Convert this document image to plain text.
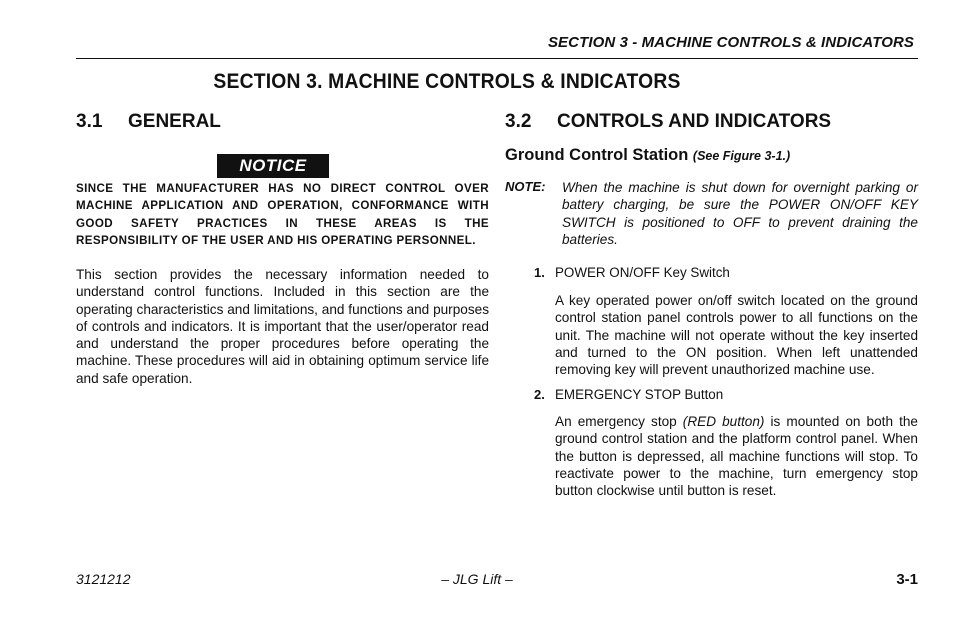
SECTION 3 - MACHINE CONTROLS & INDICATORS
SECTION 3. MACHINE CONTROLS & INDICATORS
3.1 GENERAL
NOTICE
SINCE THE MANUFACTURER HAS NO DIRECT CONTROL OVER MACHINE APPLICATION AND OPERATION, CONFORMANCE WITH GOOD SAFETY PRACTICES IN THESE AREAS IS THE RESPONSIBILITY OF THE USER AND HIS OPERATING PERSONNEL.
This section provides the necessary information needed to understand control functions. Included in this section are the operating characteristics and limitations, and functions and purposes of controls and indicators. It is important that the user/operator read and understand the proper procedures before operating the machine. These procedures will aid in obtaining optimum service life and safe operation.
3.2 CONTROLS AND INDICATORS
Ground Control Station (See Figure 3-1.)
NOTE: When the machine is shut down for overnight parking or battery charging, be sure the POWER ON/OFF KEY SWITCH is positioned to OFF to prevent draining the batteries.
1. POWER ON/OFF Key Switch
A key operated power on/off switch located on the ground control station panel controls power to all functions on the unit. The machine will not operate without the key inserted and turned to the ON position. When left unattended removing key will prevent unauthorized machine use.
2. EMERGENCY STOP Button
An emergency stop (RED button) is mounted on both the ground control station and the platform control panel. When the button is depressed, all machine functions will stop. To reactivate power to the machine, turn emergency stop button clockwise until button is reset.
3121212	– JLG Lift –	3-1
